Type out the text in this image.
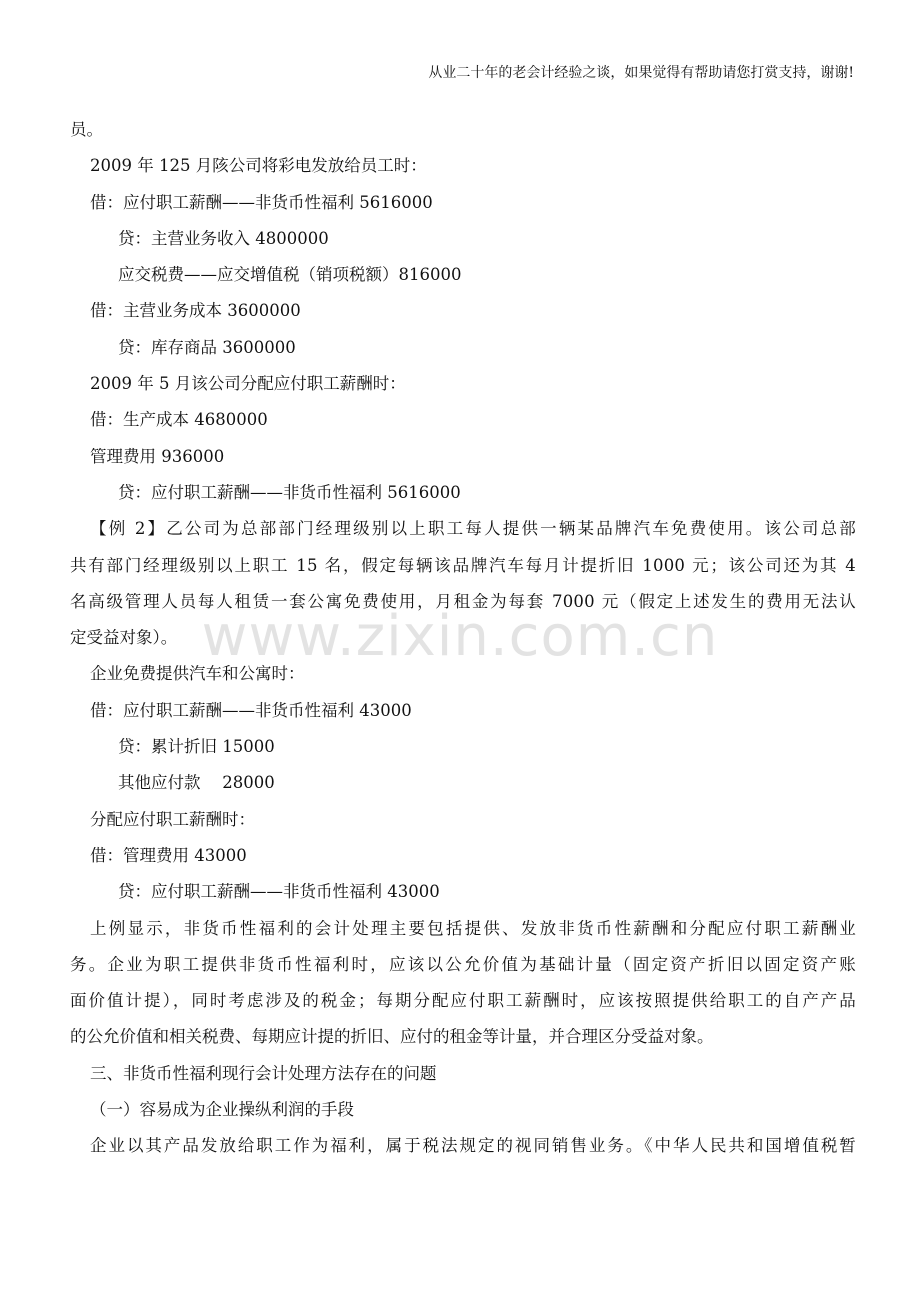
从业二十年的老会计经验之谈，如果觉得有帮助请您打赏支持，谢谢!
www.zixin.com.cn
员。
2009 年 125 月陔公司将彩电发放给员工时：
借：应付职工薪酬——非货币性福利 5616000
贷：主营业务收入 4800000
应交税费——应交增值税（销项税额）816000
借：主营业务成本 3600000
贷：库存商品 3600000
2009 年 5 月该公司分配应付职工薪酬时：
借：生产成本 4680000
管理费用 936000
贷：应付职工薪酬——非货币性福利 5616000
【例 2】乙公司为总部部门经理级别以上职工每人提供一辆某品牌汽车免费使用。该公司总部
共有部门经理级别以上职工 15 名，假定每辆该品牌汽车每月计提折旧 1000 元；该公司还为其 4
名高级管理人员每人租赁一套公寓免费使用，月租金为每套 7000 元（假定上述发生的费用无法认
定受益对象）。
企业免费提供汽车和公寓时：
借：应付职工薪酬——非货币性福利 43000
贷：累计折旧 15000
其他应付款　 28000
分配应付职工薪酬时：
借：管理费用 43000
贷：应付职工薪酬——非货币性福利 43000
上例显示，非货币性福利的会计处理主要包括提供、发放非货币性薪酬和分配应付职工薪酬业
务。企业为职工提供非货币性福利时，应该以公允价值为基础计量（固定资产折旧以固定资产账
面价值计提），同时考虑涉及的税金；每期分配应付职工薪酬时，应该按照提供给职工的自产产品
的公允价值和相关税费、每期应计提的折旧、应付的租金等计量，并合理区分受益对象。
三、非货币性福利现行会计处理方法存在的问题
（一）容易成为企业操纵利润的手段
企业以其产品发放给职工作为福利，属于税法规定的视同销售业务。《中华人民共和国增值税暂
